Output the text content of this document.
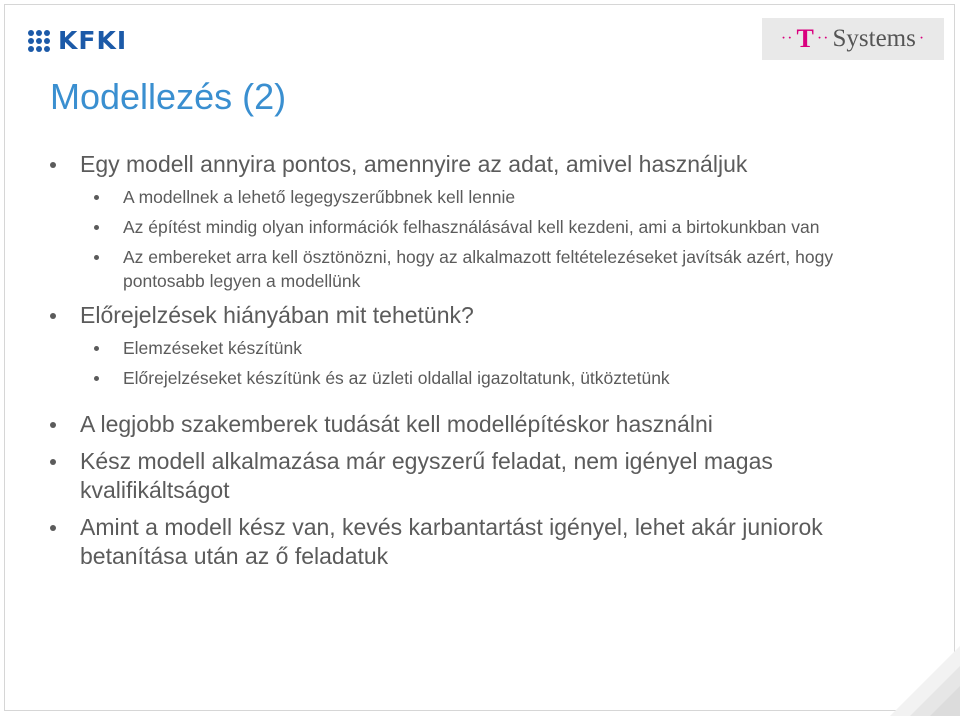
KFKI	·· T ·· Systems ·
Modellezés (2)
Egy modell annyira pontos, amennyire az adat, amivel használjuk
A modellnek a lehető legegyszerűbbnek kell lennie
Az építést mindig olyan információk felhasználásával kell kezdeni, ami a birtokunkban van
Az embereket arra kell ösztönözni, hogy az alkalmazott feltételezéseket javítsák azért, hogy pontosabb legyen a modellünk
Előrejelzések hiányában mit tehetünk?
Elemzéseket készítünk
Előrejelzéseket készítünk és az üzleti oldallal igazoltatunk, ütköztetünk
A legjobb szakemberek tudását kell modellépítéskor használni
Kész modell alkalmazása már egyszerű feladat, nem igényel magas kvalifikáltságot
Amint a modell kész van, kevés karbantartást igényel, lehet akár juniorok betanítása után az ő feladatuk
